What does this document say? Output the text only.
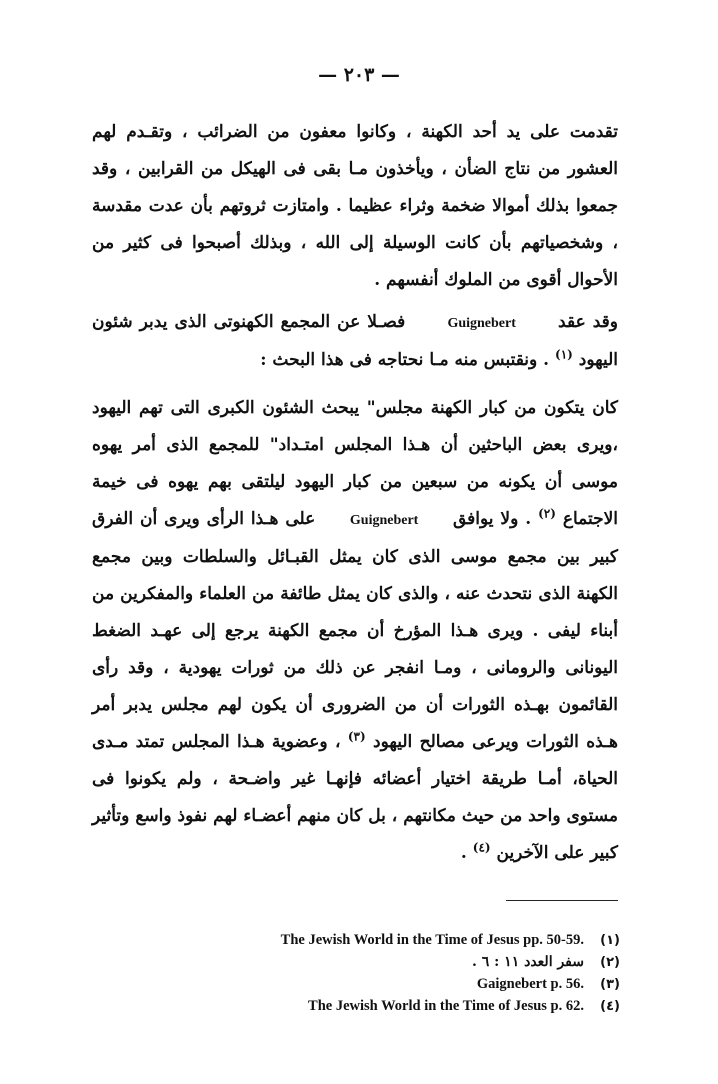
— ٢٠٣ —

تقدمت على يد أحد الكهنة ، وكانوا معفون من الضرائب ، وتقـدم لهم العشور من نتاج الضأن ، ويأخذون مـا بقى فى الهيكل من القرابين ، وقد جمعوا بذلك أموالا ضخمة وثراء عظيما . وامتازت ثروتهم بأن عدت مقدسة ، وشخصياتهم بأن كانت الوسيلة إلى الله ، وبذلك أصبحوا فى كثير من الأحوال أقوى من الملوك أنفسهم .

وقد عقد      Guignebert      فصـلا عن المجمع الكهنوتى الذى يدبر شئون اليهود $^{(١)}$ . ونقتبس منه مـا نحتاجه فى هذا البحث :

كان يتكون من كبار الكهنة مجلس" يبحث الشئون الكبرى التى تهم اليهود ،ويرى بعض الباحثين أن هـذا المجلس امتـداد" للمجمع الذى أمر يهوه موسى أن يكونه من سبعين من كبار اليهود ليلتقى بهم يهوه فى خيمة الاجتماع $^{(٢)}$ . ولا يوافق     Guignebert     على هـذا الرأى ويرى أن الفرق كبير بين مجمع موسى الذى كان يمثل القبـائل والسلطات وبين مجمع الكهنة الذى نتحدث عنه ، والذى كان يمثل طائفة من العلماء والمفكرين من أبناء ليفى . ويرى هـذا المؤرخ أن مجمع الكهنة يرجع إلى عهـد الضغط اليونانى والرومانى ، ومـا انفجر عن ذلك من ثورات يهودية ، وقد رأى القائمون بهـذه الثورات أن من الضرورى أن يكون لهم مجلس يدبر أمر هـذه الثورات ويرعى مصالح اليهود $^{(٣)}$ ، وعضوية هـذا المجلس تمتد مـدى الحياة، أمـا طريقة اختيار أعضائه فإنهـا غير واضـحة ، ولم يكونوا فى مستوى واحد من حيث مكانتهم ، بل كان منهم أعضـاء لهم نفوذ واسع وتأثير كبير على الآخرين $^{(٤)}$ .

The Jewish World in the Time of Jesus pp. 50-59.	(١)
سفر العدد ١١ : ٦ .	(٢)
Gaignebert p. 56.	(٣)
The Jewish World in the Time of Jesus p. 62.	(٤)
